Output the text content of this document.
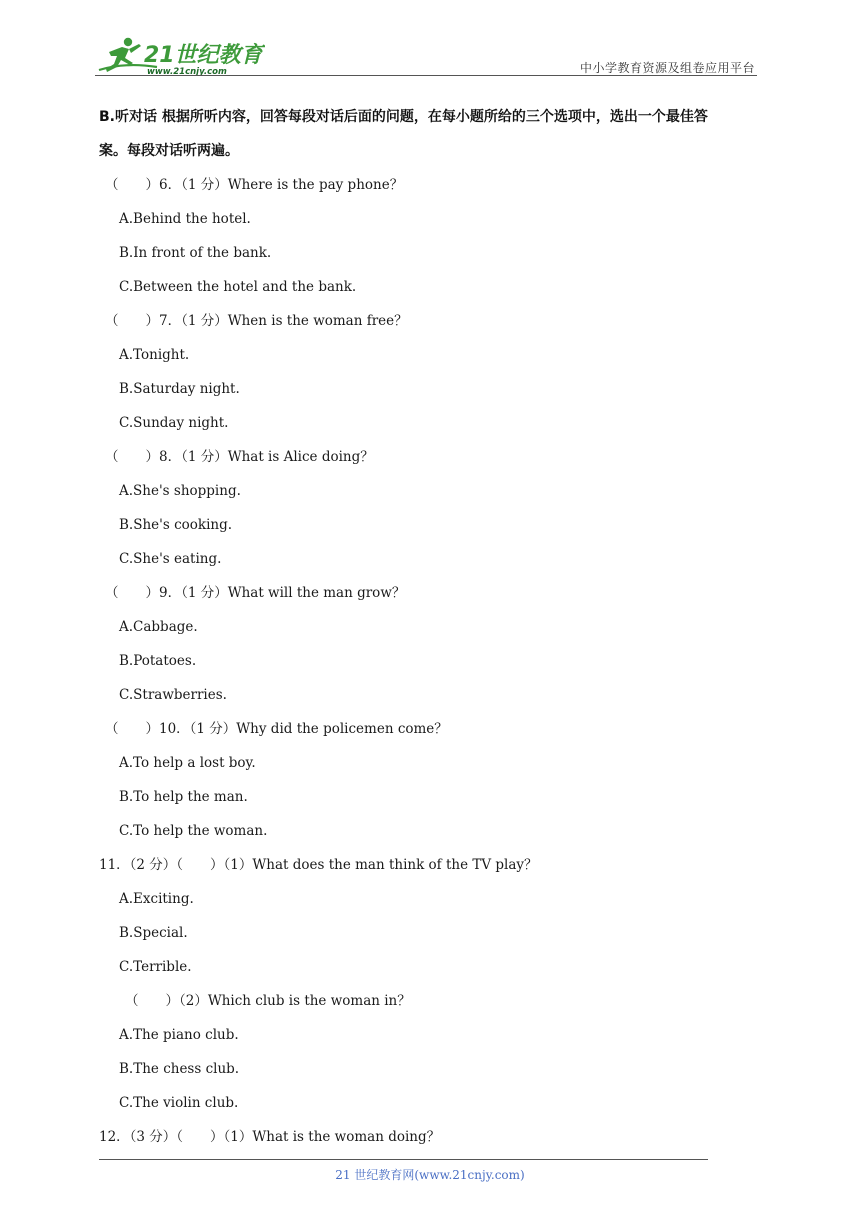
21世纪教育
www.21cnjy.com	中小学教育资源及组卷应用平台

B.听对话 根据所听内容，回答每段对话后面的问题，在每小题所给的三个选项中，选出一个最佳答

案。每段对话听两遍。

（　　）6．（1 分）Where is the pay phone？
A.Behind the hotel.
B.In front of the bank.
C.Between the hotel and the bank.
（　　）7．（1 分）When is the woman free？
A.Tonight.
B.Saturday night.
C.Sunday night.
（　　）8．（1 分）What is Alice doing？
A.She's shopping.
B.She's cooking.
C.She's eating.
（　　）9．（1 分）What will the man grow？
A.Cabbage.
B.Potatoes.
C.Strawberries.
（　　）10．（1 分）Why did the policemen come？
A.To help a lost boy.
B.To help the man.
C.To help the woman.
11．（2 分）（　　）（1）What does the man think of the TV play？
A.Exciting.
B.Special.
C.Terrible.
（　　）（2）Which club is the woman in？
A.The piano club.
B.The chess club.
C.The violin club.
12．（3 分）（　　）（1）What is the woman doing？
21 世纪教育网(www.21cnjy.com)
